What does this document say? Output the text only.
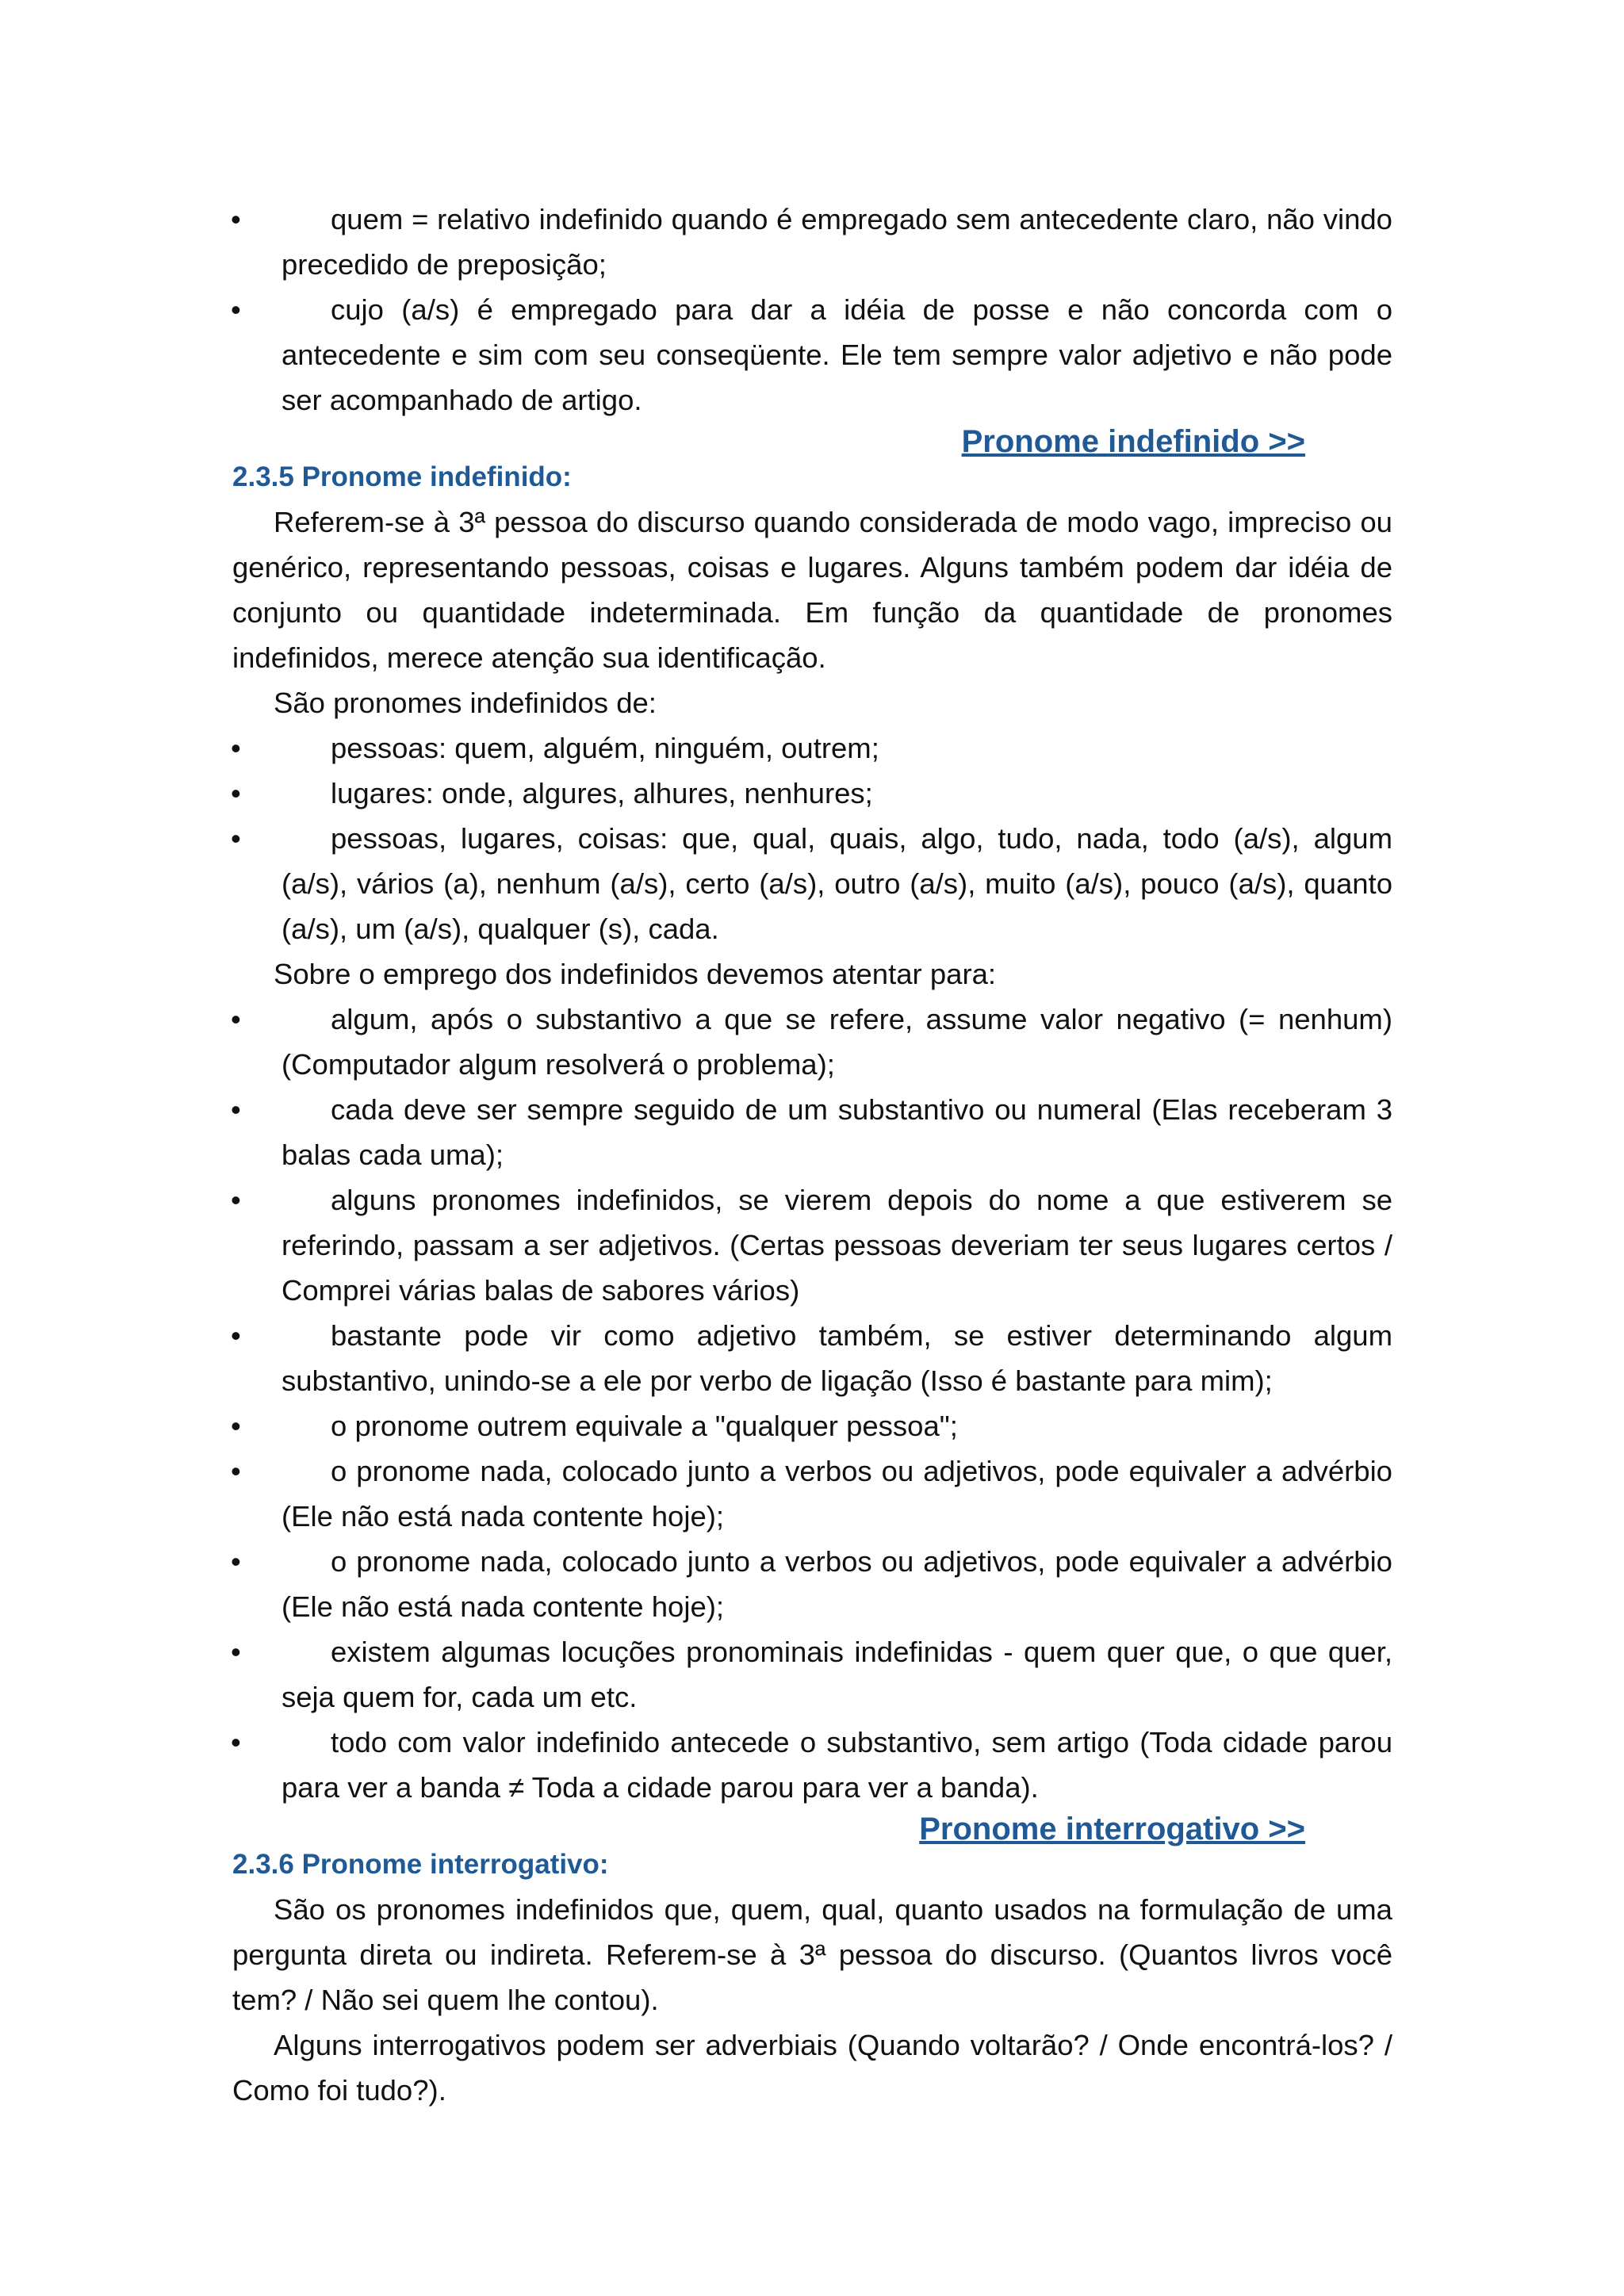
•	quem = relativo indefinido quando é empregado sem antecedente claro, não vindo precedido de preposição;
•	cujo (a/s) é empregado para dar a idéia de posse e não concorda com o antecedente e sim com seu conseqüente. Ele tem sempre valor adjetivo e não pode ser acompanhado de artigo.
Pronome indefinido >>
2.3.5 Pronome indefinido:
Referem-se à 3ª pessoa do discurso quando considerada de modo vago, impreciso ou genérico, representando pessoas, coisas e lugares. Alguns também podem dar idéia de conjunto ou quantidade indeterminada. Em função da quantidade de pronomes indefinidos, merece atenção sua identificação.
São pronomes indefinidos de:
•	pessoas: quem, alguém, ninguém, outrem;
•	lugares: onde, algures, alhures, nenhures;
•	pessoas, lugares, coisas: que, qual, quais, algo, tudo, nada, todo (a/s), algum (a/s), vários (a), nenhum (a/s), certo (a/s), outro (a/s), muito (a/s), pouco (a/s), quanto (a/s), um (a/s), qualquer (s), cada.
Sobre o emprego dos indefinidos devemos atentar para:
•	algum, após o substantivo a que se refere, assume valor negativo (= nenhum) (Computador algum resolverá o problema);
•	cada deve ser sempre seguido de um substantivo ou numeral (Elas receberam 3 balas cada uma);
•	alguns pronomes indefinidos, se vierem depois do nome a que estiverem se referindo, passam a ser adjetivos. (Certas pessoas deveriam ter seus lugares certos / Comprei várias balas de sabores vários)
•	bastante pode vir como adjetivo também, se estiver determinando algum substantivo, unindo-se a ele por verbo de ligação (Isso é bastante para mim);
•	o pronome outrem equivale a "qualquer pessoa";
•	o pronome nada, colocado junto a verbos ou adjetivos, pode equivaler a advérbio (Ele não está nada contente hoje);
•	o pronome nada, colocado junto a verbos ou adjetivos, pode equivaler a advérbio (Ele não está nada contente hoje);
•	existem algumas locuções pronominais indefinidas - quem quer que, o que quer, seja quem for, cada um etc.
•	todo com valor indefinido antecede o substantivo, sem artigo (Toda cidade parou para ver a banda ≠ Toda a cidade parou para ver a banda).
Pronome interrogativo >>
2.3.6 Pronome interrogativo:
São os pronomes indefinidos que, quem, qual, quanto usados na formulação de uma pergunta direta ou indireta. Referem-se à 3ª pessoa do discurso. (Quantos livros você tem? / Não sei quem lhe contou).
Alguns interrogativos podem ser adverbiais (Quando voltarão? / Onde encontrá-los? / Como foi tudo?).
